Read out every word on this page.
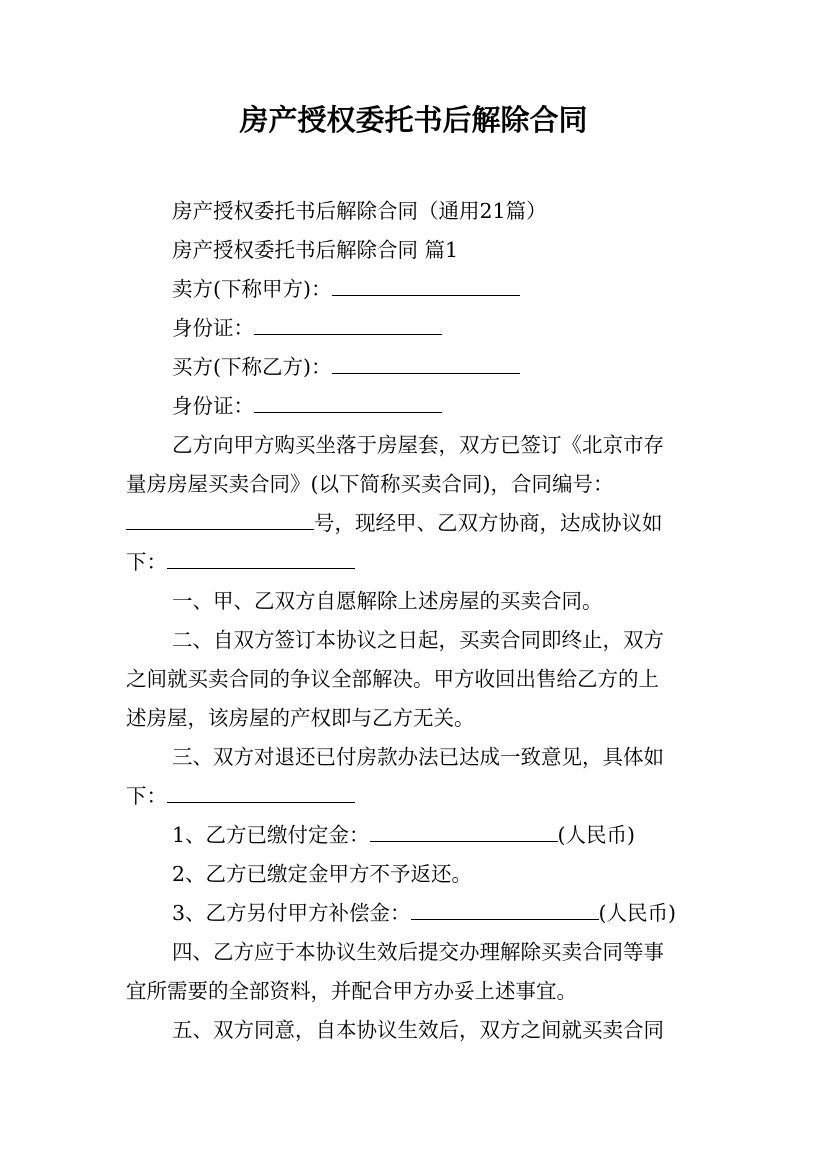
房产授权委托书后解除合同
房产授权委托书后解除合同（通用21篇）
房产授权委托书后解除合同 篇1
卖方(下称甲方)：
身份证：
买方(下称乙方)：
身份证：
乙方向甲方购买坐落于房屋套，双方已签订《北京市存
量房房屋买卖合同》(以下简称买卖合同)，合同编号：
号，现经甲、乙双方协商，达成协议如
下：
一、甲、乙双方自愿解除上述房屋的买卖合同。
二、自双方签订本协议之日起，买卖合同即终止，双方
之间就买卖合同的争议全部解决。甲方收回出售给乙方的上
述房屋，该房屋的产权即与乙方无关。
三、双方对退还已付房款办法已达成一致意见，具体如
下：
1、乙方已缴付定金：	(人民币)
2、乙方已缴定金甲方不予返还。
3、乙方另付甲方补偿金：	(人民币)
四、乙方应于本协议生效后提交办理解除买卖合同等事
宜所需要的全部资料，并配合甲方办妥上述事宜。
五、双方同意，自本协议生效后，双方之间就买卖合同
